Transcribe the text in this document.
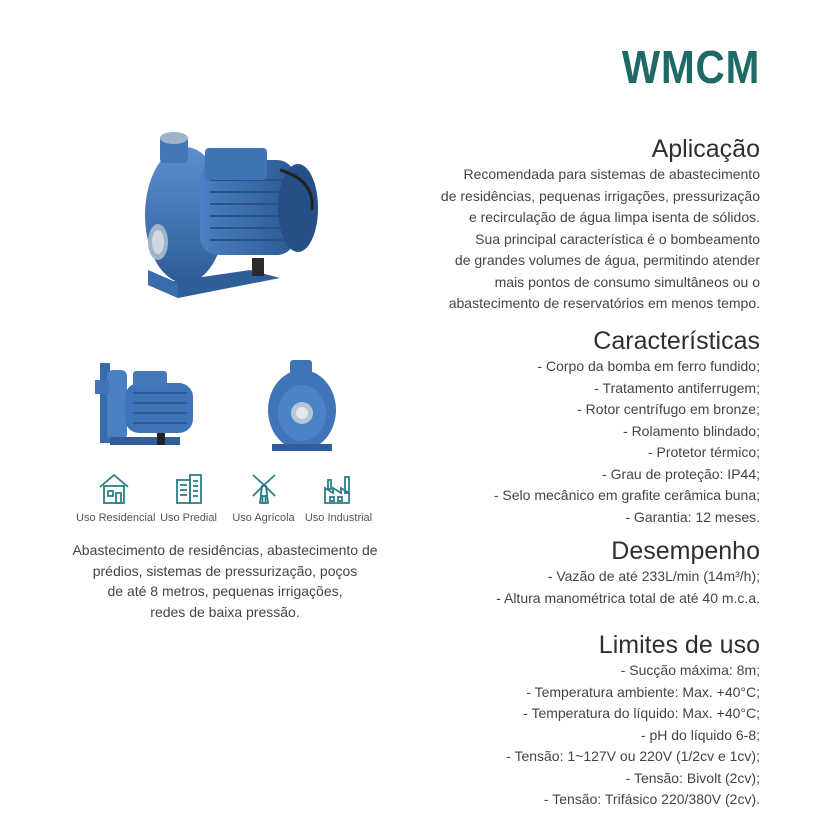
WMCM
Uso Residencial Uso Predial	Uso Agrícola Uso Industrial
Abastecimento de residências, abastecimento de
prédios, sistemas de pressurização, poços
de até 8 metros, pequenas irrigações,
redes de baixa pressão.
Aplicação
Recomendada para sistemas de abastecimento
de residências, pequenas irrigações, pressurização
e recirculação de água limpa isenta de sólidos.
Sua principal característica é o bombeamento
de grandes volumes de água, permitindo atender
mais pontos de consumo simultâneos ou o
abastecimento de reservatórios em menos tempo.
Características
- Corpo da bomba em ferro fundido;
- Tratamento antiferrugem;
- Rotor centrífugo em bronze;
- Rolamento blindado;
- Protetor térmico;
- Grau de proteção: IP44;
- Selo mecânico em grafite cerâmica buna;
- Garantia: 12 meses.
Desempenho
- Vazão de até 233L/min (14m³/h);
- Altura manométrica total de até 40 m.c.a.
Limites de uso
- Sucção máxima: 8m;
- Temperatura ambiente: Max. +40°C;
- Temperatura do líquido: Max. +40°C;
- pH do líquido 6-8;
- Tensão: 1~127V ou 220V (1/2cv e 1cv);
- Tensão: Bivolt (2cv);
- Tensão: Trifásico 220/380V (2cv).
